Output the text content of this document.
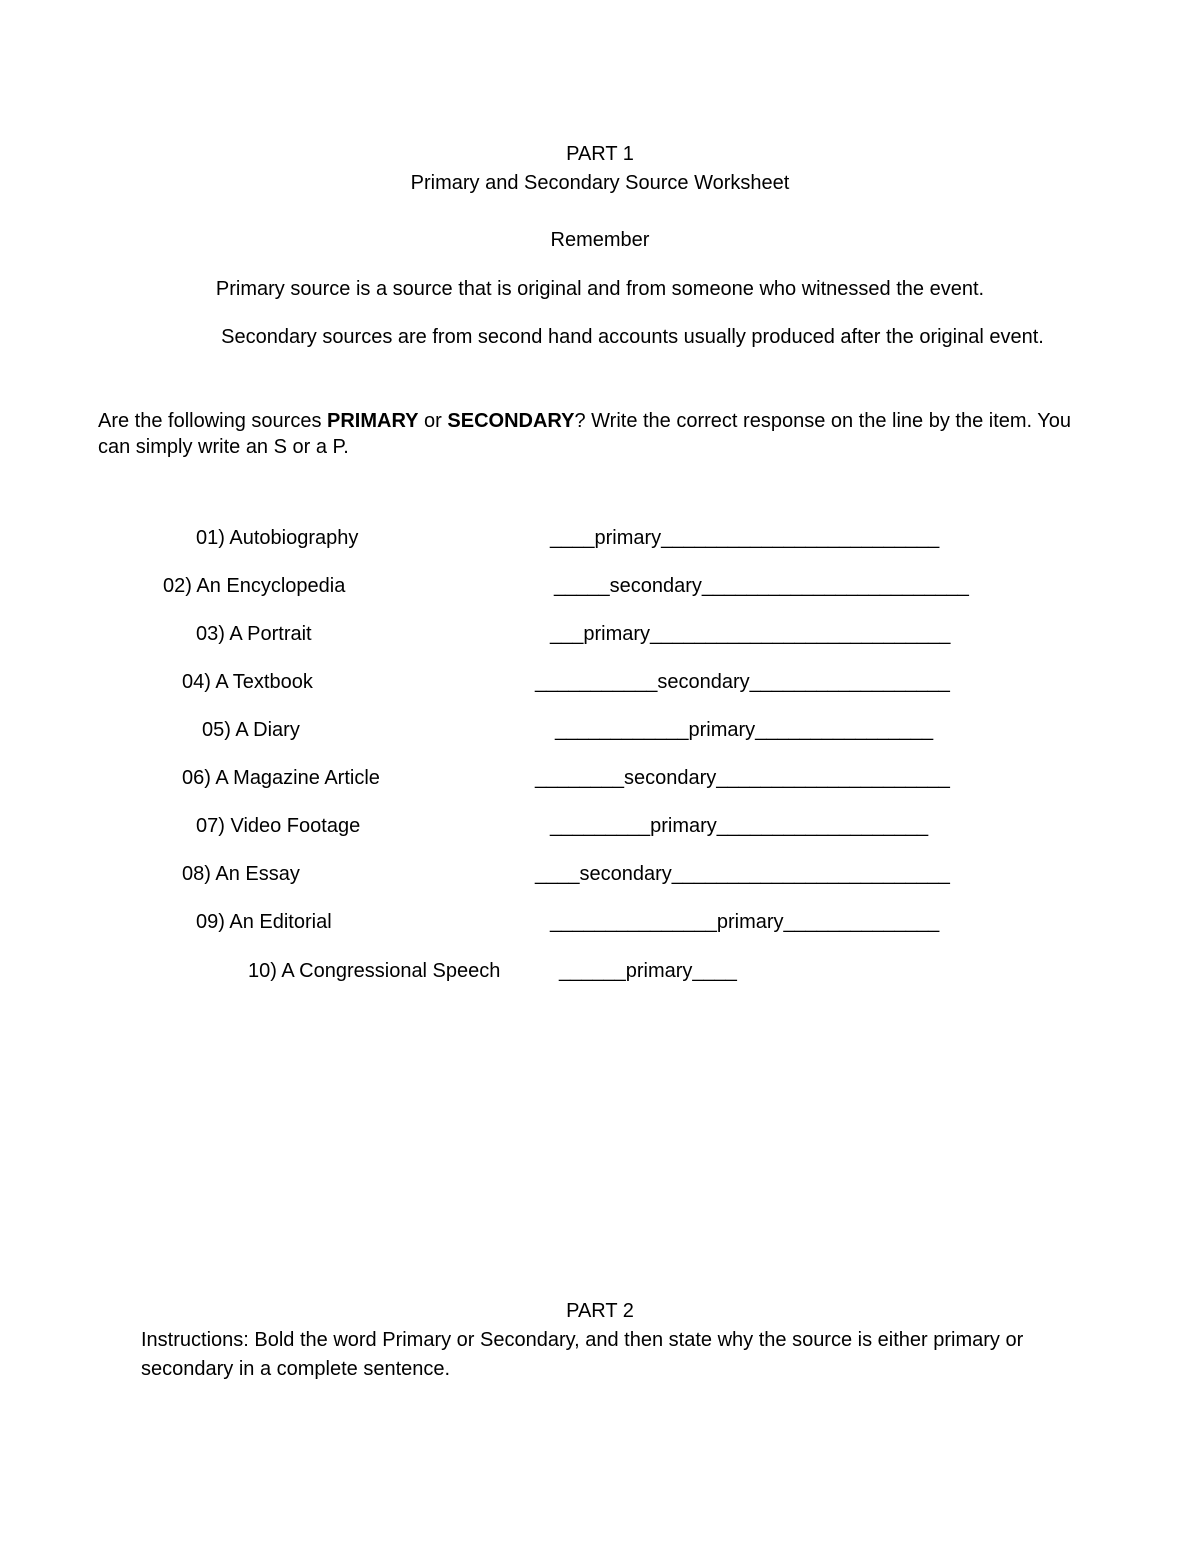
PART 1
Primary and Secondary Source Worksheet
Remember
Primary source is a source that is original and from someone who witnessed the event.
Secondary sources are from second hand accounts usually produced after the original event.
Are the following sources PRIMARY or SECONDARY? Write the correct response on the line by the item. You can simply write an S or a P.
01) Autobiography	____primary_________________________
02) An Encyclopedia	_____secondary________________________
03) A Portrait	___primary___________________________
04) A Textbook	___________secondary__________________
05) A Diary	____________primary________________
06) A Magazine Article	________secondary_____________________
07) Video Footage	_________primary___________________
08) An Essay	____secondary_________________________
09) An Editorial	_______________primary______________
10) A Congressional Speech	______primary____
PART 2
Instructions: Bold the word Primary or Secondary, and then state why the source is either primary or secondary in a complete sentence.
